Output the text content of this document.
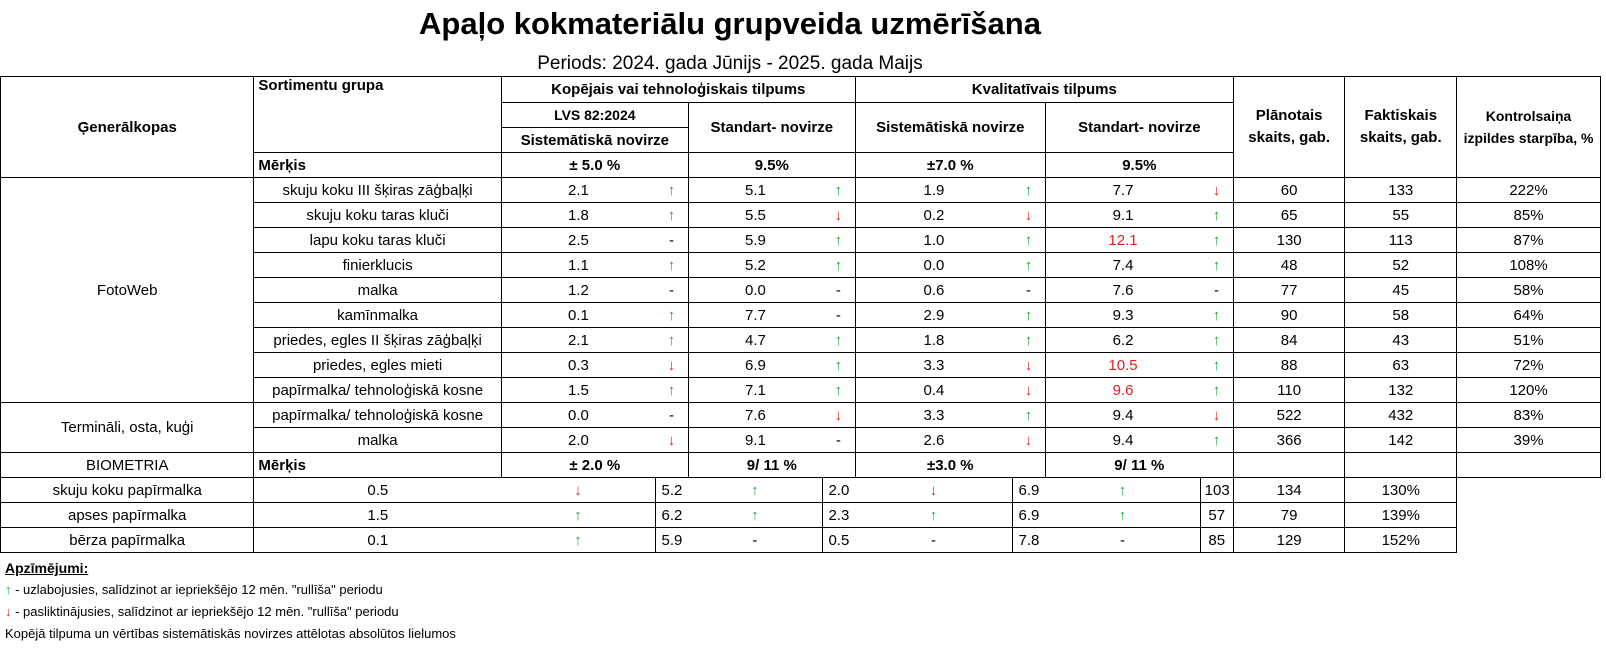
Apaļo kokmateriālu grupveida uzmērīšana
Periods: 2024. gada Jūnijs - 2025. gada Maijs
Ģenerālkopas	Sortimentu grupa	Kopējais vai tehnoloģiskais tilpums				Kvalitatīvais tilpums				Plānotais skaits, gab.	Faktiskais skaits, gab.	Kontrolsaiņa izpildes starpība, %
		LVS 82:2024		Standart- novirze		Sistemātiskā novirze		Standart- novirze				
		Sistemātiskā novirze										
	Mērķis	± 5.0 %		9.5%		±7.0 %		9.5%				
FotoWeb	skuju koku III šķiras zāģbaļķi	2.1	↑	5.1	↑	1.9	↑	7.7	↓	60	133	222%
	skuju koku taras kluči	1.8	↑	5.5	↓	0.2	↓	9.1	↑	65	55	85%
	lapu koku taras kluči	2.5	-	5.9	↑	1.0	↑	12.1	↑	130	113	87%
	finierklucis	1.1	↑	5.2	↑	0.0	↑	7.4	↑	48	52	108%
	malka	1.2	-	0.0	-	0.6	-	7.6	-	77	45	58%
	kamīnmalka	0.1	↑	7.7	-	2.9	↑	9.3	↑	90	58	64%
	priedes, egles II šķiras zāģbaļķi	2.1	↑	4.7	↑	1.8	↑	6.2	↑	84	43	51%
	priedes, egles mieti	0.3	↓	6.9	↑	3.3	↓	10.5	↑	88	63	72%
	papīrmalka/ tehnoloģiskā kosne	1.5	↑	7.1	↑	0.4	↓	9.6	↑	110	132	120%
Termināli, osta, kuģi	papīrmalka/ tehnoloģiskā kosne	0.0	-	7.6	↓	3.3	↑	9.4	↓	522	432	83%
	malka	2.0	↓	9.1	-	2.6	↓	9.4	↑	366	142	39%
BIOMETRIA	Mērķis	± 2.0 %		9/ 11 %		±3.0 %		9/ 11 %				
skuju koku papīrmalka	0.5	↓	5.2	↑	2.0	↓	6.9	↑	103	134	130%	
apses papīrmalka	1.5	↑	6.2	↑	2.3	↑	6.9	↑	57	79	139%	
bērza papīrmalka	0.1	↑	5.9	-	0.5	-	7.8	-	85	129	152%	
Apzīmējumi:
↑ - uzlabojusies, salīdzinot ar iepriekšējo 12 mēn. "rullīša" periodu
↓ - pasliktinājusies, salīdzinot ar iepriekšējo 12 mēn. "rullīša" periodu
Kopējā tilpuma un vērtības sistemātiskās novirzes attēlotas absolūtos lielumos
